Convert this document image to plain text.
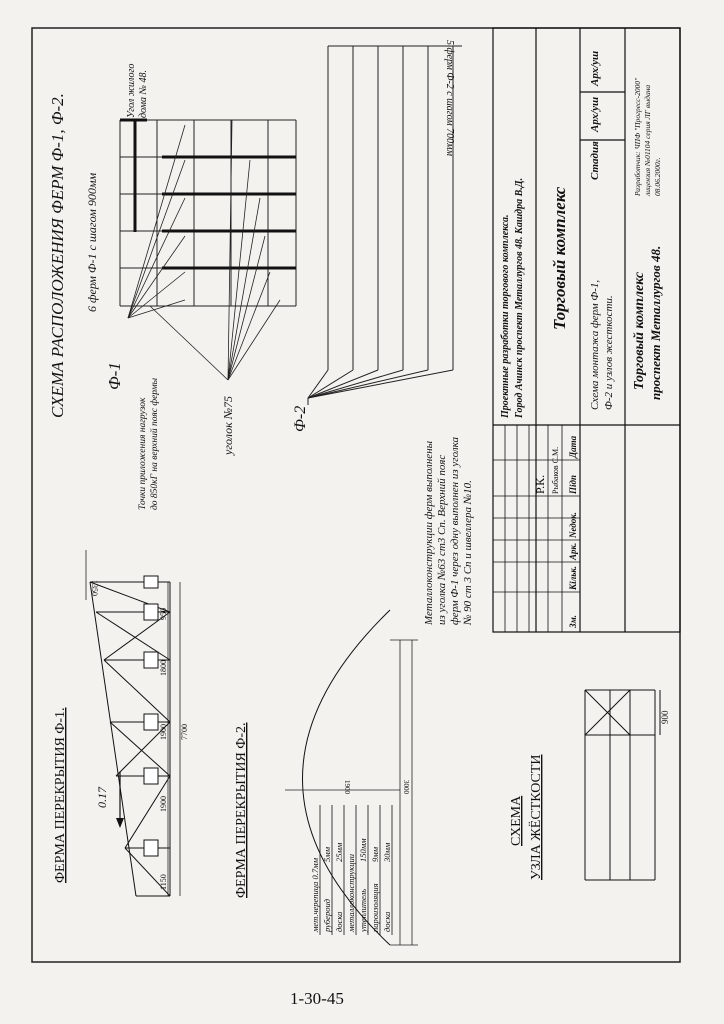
СХЕМА РАСПОЛОЖЕНИЯ ФЕРМ Ф-1, Ф-2. 6 ферм Ф-1 с шагом 900мм
Угол жилого дома № 48.
Ф-1
Точки приложения нагрузок до 850кГ на верхний пояс фермы	уголок №75	Ф-2
5 ферм Ф-2 с шагом 700мм
Металлоконструкции ферм выполнены из уголка №63 ст3 Сп. Верхний пояс ферм Ф-1 через одну выполнен из уголка № 90 ст 3 Сп и швеллера №10.
ФЕРМА ПЕРЕКРЫТИЯ Ф-1. 0.17
1150
1900
1900
1800
950
1350
7700	ФЕРМА ПЕРЕКРЫТИЯ Ф-2.	1900	3000
мет.черепица 0.7мм рубероид
5мм
доска
25мм
металлоконструкции утеплитель
150мм
пароизоляция
9мм
доска
30мм
СХЕМА УЗЛА ЖЁСТКОСТИ
900
Зм.
Кільк.
Арк.
Nедок.
Підп
Дата
Рыбаков С.М.
Р.К.
Проектные разработки торгового комплекса. Город Ачинск проспект Металлургов 48. Кашдра В.Д. Торговый комплекс
Схема монтажа ферм Ф-1, Ф-2 и узлов жесткости. Торговый комплекс проспект Металлургов 48.
Стадия
Арх/уш
Арх/уш
Разработчик: ЧПФ "Прогресс-2000" лицензия №01104 серия ЛГ выдана 08.06.2000г.
1-30-45
